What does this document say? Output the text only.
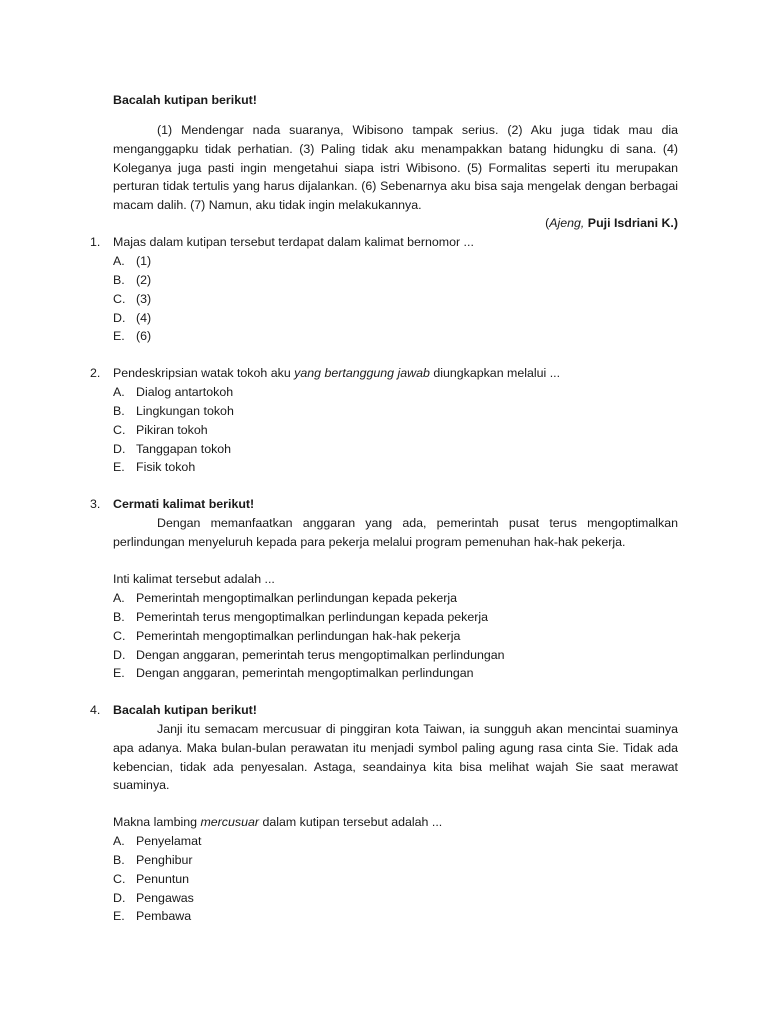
Bacalah kutipan berikut!
(1) Mendengar nada suaranya, Wibisono tampak serius. (2) Aku juga tidak mau dia menganggapku tidak perhatian. (3) Paling tidak aku menampakkan batang hidungku di sana. (4) Koleganya juga pasti ingin mengetahui siapa istri Wibisono. (5) Formalitas seperti itu merupakan perturan tidak tertulis yang harus dijalankan. (6) Sebenarnya aku bisa saja mengelak dengan berbagai macam dalih. (7) Namun, aku tidak ingin melakukannya.
(Ajeng, Puji Isdriani K.)
1. Majas dalam kutipan tersebut terdapat dalam kalimat bernomor ...
A. (1)
B. (2)
C. (3)
D. (4)
E. (6)
2. Pendeskripsian watak tokoh aku yang bertanggung jawab diungkapkan melalui ...
A. Dialog antartokoh
B. Lingkungan tokoh
C. Pikiran tokoh
D. Tanggapan tokoh
E. Fisik tokoh
3. Cermati kalimat berikut!
Dengan memanfaatkan anggaran yang ada, pemerintah pusat terus mengoptimalkan perlindungan menyeluruh kepada para pekerja melalui program pemenuhan hak-hak pekerja.
Inti kalimat tersebut adalah ...
A. Pemerintah mengoptimalkan perlindungan kepada pekerja
B. Pemerintah terus mengoptimalkan perlindungan kepada pekerja
C. Pemerintah mengoptimalkan perlindungan hak-hak pekerja
D. Dengan anggaran, pemerintah terus mengoptimalkan perlindungan
E. Dengan anggaran, pemerintah mengoptimalkan perlindungan
4. Bacalah kutipan berikut!
Janji itu semacam mercusuar di pinggiran kota Taiwan, ia sungguh akan mencintai suaminya apa adanya. Maka bulan-bulan perawatan itu menjadi symbol paling agung rasa cinta Sie. Tidak ada kebencian, tidak ada penyesalan. Astaga, seandainya kita bisa melihat wajah Sie saat merawat suaminya.
Makna lambing mercusuar dalam kutipan tersebut adalah ...
A. Penyelamat
B. Penghibur
C. Penuntun
D. Pengawas
E. Pembawa
